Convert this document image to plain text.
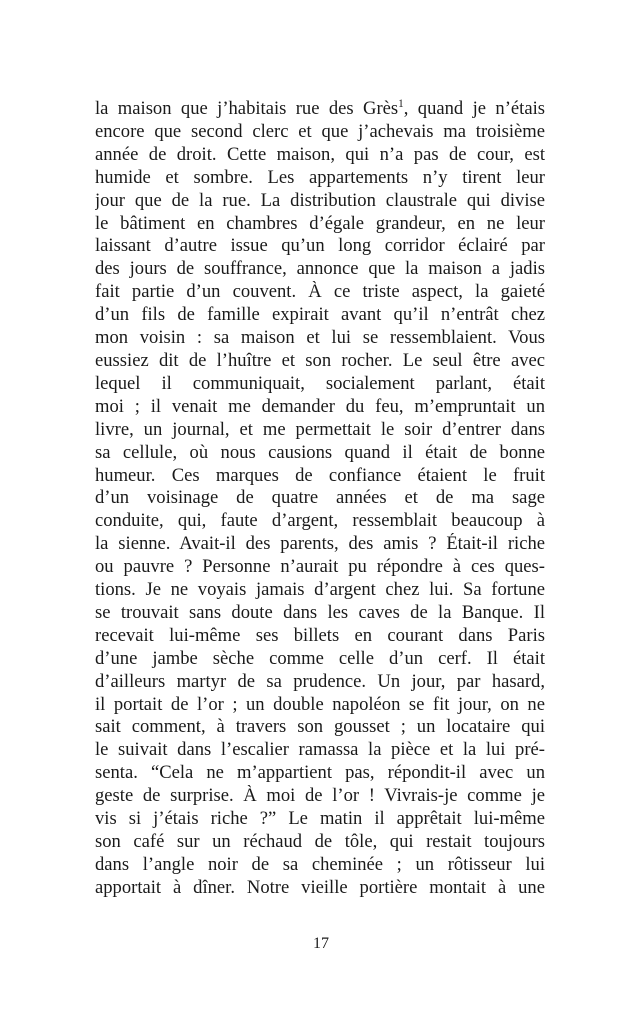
la maison que j’habitais rue des Grès$^1$, quand je n’étais
encore que second clerc et que j’achevais ma troisième
année de droit. Cette maison, qui n’a pas de cour, est
humide et sombre. Les appartements n’y tirent leur
jour que de la rue. La distribution claustrale qui divise
le bâtiment en chambres d’égale grandeur, en ne leur
laissant d’autre issue qu’un long corridor éclairé par
des jours de souffrance, annonce que la maison a jadis
fait partie d’un couvent. À ce triste aspect, la gaieté
d’un fils de famille expirait avant qu’il n’entrât chez
mon voisin : sa maison et lui se ressemblaient. Vous
eussiez dit de l’huître et son rocher. Le seul être avec
lequel il communiquait, socialement parlant, était
moi ; il venait me demander du feu, m’empruntait un
livre, un journal, et me permettait le soir d’entrer dans
sa cellule, où nous causions quand il était de bonne
humeur. Ces marques de confiance étaient le fruit
d’un voisinage de quatre années et de ma sage
conduite, qui, faute d’argent, ressemblait beaucoup à
la sienne. Avait-il des parents, des amis ? Était-il riche
ou pauvre ? Personne n’aurait pu répondre à ces ques-
tions. Je ne voyais jamais d’argent chez lui. Sa fortune
se trouvait sans doute dans les caves de la Banque. Il
recevait lui-même ses billets en courant dans Paris
d’une jambe sèche comme celle d’un cerf. Il était
d’ailleurs martyr de sa prudence. Un jour, par hasard,
il portait de l’or ; un double napoléon se fit jour, on ne
sait comment, à travers son gousset ; un locataire qui
le suivait dans l’escalier ramassa la pièce et la lui pré-
senta. “Cela ne m’appartient pas, répondit-il avec un
geste de surprise. À moi de l’or ! Vivrais-je comme je
vis si j’étais riche ?” Le matin il apprêtait lui-même
son café sur un réchaud de tôle, qui restait toujours
dans l’angle noir de sa cheminée ; un rôtisseur lui
apportait à dîner. Notre vieille portière montait à une
17
